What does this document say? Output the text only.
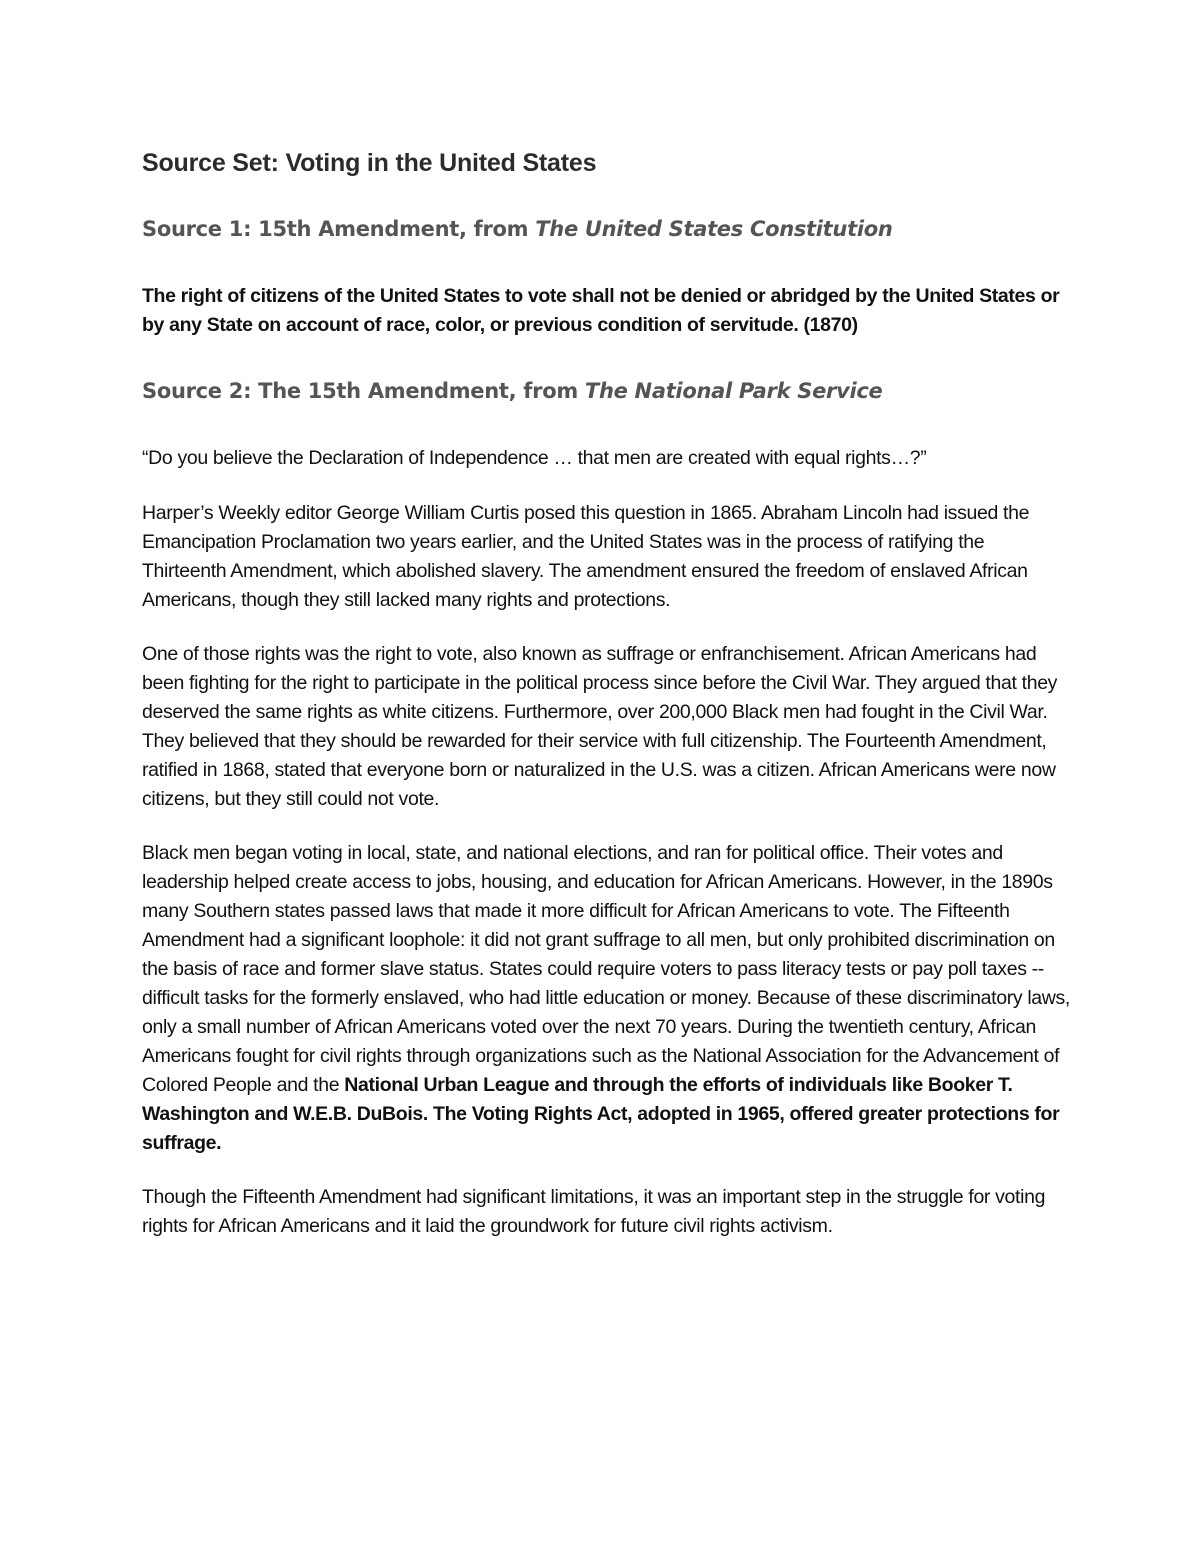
Source Set: Voting in the United States
Source 1: 15th Amendment, from The United States Constitution

The right of citizens of the United States to vote shall not be denied or abridged by the United States or by any State on account of race, color, or previous condition of servitude. (1870)

Source 2: The 15th Amendment, from The National Park Service

“Do you believe the Declaration of Independence … that men are created with equal rights…?”

Harper’s Weekly editor George William Curtis posed this question in 1865. Abraham Lincoln had issued the Emancipation Proclamation two years earlier, and the United States was in the process of ratifying the Thirteenth Amendment, which abolished slavery. The amendment ensured the freedom of enslaved African Americans, though they still lacked many rights and protections.

One of those rights was the right to vote, also known as suffrage or enfranchisement. African Americans had been fighting for the right to participate in the political process since before the Civil War. They argued that they deserved the same rights as white citizens. Furthermore, over 200,000 Black men had fought in the Civil War. They believed that they should be rewarded for their service with full citizenship. The Fourteenth Amendment, ratified in 1868, stated that everyone born or naturalized in the U.S. was a citizen. African Americans were now citizens, but they still could not vote.

Black men began voting in local, state, and national elections, and ran for political office. Their votes and leadership helped create access to jobs, housing, and education for African Americans. However, in the 1890s many Southern states passed laws that made it more difficult for African Americans to vote. The Fifteenth Amendment had a significant loophole: it did not grant suffrage to all men, but only prohibited discrimination on the basis of race and former slave status. States could require voters to pass literacy tests or pay poll taxes -- difficult tasks for the formerly enslaved, who had little education or money. Because of these discriminatory laws, only a small number of African Americans voted over the next 70 years. During the twentieth century, African Americans fought for civil rights through organizations such as the National Association for the Advancement of Colored People and the National Urban League and through the efforts of individuals like Booker T. Washington and W.E.B. DuBois. The Voting Rights Act, adopted in 1965, offered greater protections for suffrage.

Though the Fifteenth Amendment had significant limitations, it was an important step in the struggle for voting rights for African Americans and it laid the groundwork for future civil rights activism.
